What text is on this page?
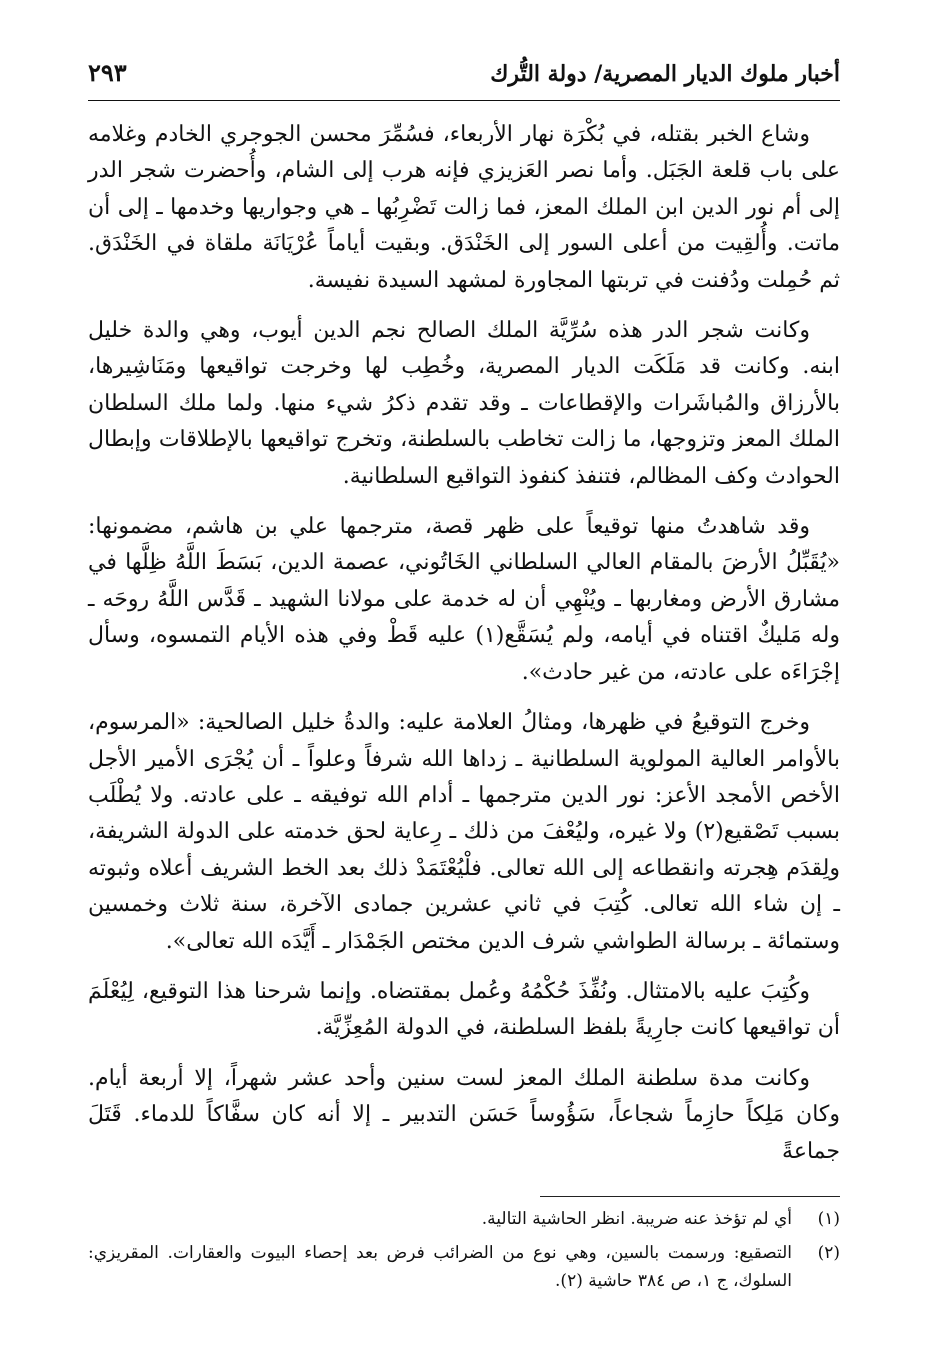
أخبار ملوك الديار المصرية/ دولة التُّرك
٢٩٣

وشاع الخبر بقتله، في بُكْرَة نهار الأربعاء، فسُمِّرَ محسن الجوجري الخادم وغلامه على باب قلعة الجَبَل. وأما نصر العَزيزي فإنه هرب إلى الشام، وأُحضرت شجر الدر إلى أم نور الدين ابن الملك المعز، فما زالت تَضْرِبُها ـ هي وجواريها وخدمها ـ إلى أن ماتت. وأُلقِيت من أعلى السور إلى الخَنْدَق. وبقيت أياماً عُرْيَانَة ملقاة في الخَنْدَق. ثم حُمِلت ودُفنت في تربتها المجاورة لمشهد السيدة نفيسة.

وكانت شجر الدر هذه سُرِّيَّة الملك الصالح نجم الدين أيوب، وهي والدة خليل ابنه. وكانت قد مَلَكَت الديار المصرية، وخُطِب لها وخرجت تواقيعها ومَنَاشِيرها، بالأرزاق والمُباشَرات والإقطاعات ـ وقد تقدم ذكرُ شيء منها. ولما ملك السلطان الملك المعز وتزوجها، ما زالت تخاطب بالسلطنة، وتخرج تواقيعها بالإطلاقات وإبطال الحوادث وكف المظالم، فتنفذ كنفوذ التواقيع السلطانية.

وقد شاهدتُ منها توقيعاً على ظهر قصة، مترجمها علي بن هاشم، مضمونها: «يُقَبِّلُ الأرضَ بالمقام العالي السلطاني الخَاتُوني، عصمة الدين، بَسَطَ اللَّهُ ظِلَّها في مشارق الأرض ومغاربها ـ ويُنْهِي أن له خدمة على مولانا الشهيد ـ قَدَّس اللَّهُ روحَه ـ وله مَليكٌ اقتناه في أيامه، ولم يُسَقَّع(١) عليه قَطْ وفي هذه الأيام التمسوه، وسأل إجْرَاءَه على عادته، من غير حادث».

وخرج التوقيعُ في ظهرها، ومثالُ العلامة عليه: والدةُ خليل الصالحية: «المرسوم، بالأوامر العالية المولوية السلطانية ـ زداها الله شرفاً وعلواً ـ أن يُجْرَى الأمير الأجل الأخص الأمجد الأعز: نور الدين مترجمها ـ أدام الله توفيقه ـ على عادته. ولا يُطْلَب بسبب تَصْقيع(٢) ولا غيره، وليُعْفَ من ذلك ـ رِعاية لحق خدمته على الدولة الشريفة، ولِقدَم هِجرته وانقطاعه إلى الله تعالى. فلْيُعْتَمَدْ ذلك بعد الخط الشريف أعلاه وثبوته ـ إن شاء الله تعالى. كُتِبَ في ثاني عشرين جمادى الآخرة، سنة ثلاث وخمسين وستمائة ـ برسالة الطواشي شرف الدين مختص الجَمْدَار ـ أَيَّدَه الله تعالى».

وكُتِبَ عليه بالامتثال. ونُفِّذَ حُكْمُهُ وعُمل بمقتضاه. وإنما شرحنا هذا التوقيع، لِيُعْلَمَ أن تواقيعها كانت جارِيةً بلفظ السلطنة، في الدولة المُعِزِّيَّة.

وكانت مدة سلطنة الملك المعز لست سنين وأحد عشر شهراً، إلا أربعة أيام. وكان مَلِكاً حازِماً شجاعاً، سَؤُوساً حَسَن التدبير ـ إلا أنه كان سفَّاكاً للدماء. قَتَلَ جماعةً

(١)
أي لم تؤخذ عنه ضريبة. انظر الحاشية التالية.
(٢)
التصقيع: ورسمت بالسين، وهي نوع من الضرائب فرض بعد إحصاء البيوت والعقارات. المقريزي: السلوك، ج ١، ص ٣٨٤ حاشية (٢).
